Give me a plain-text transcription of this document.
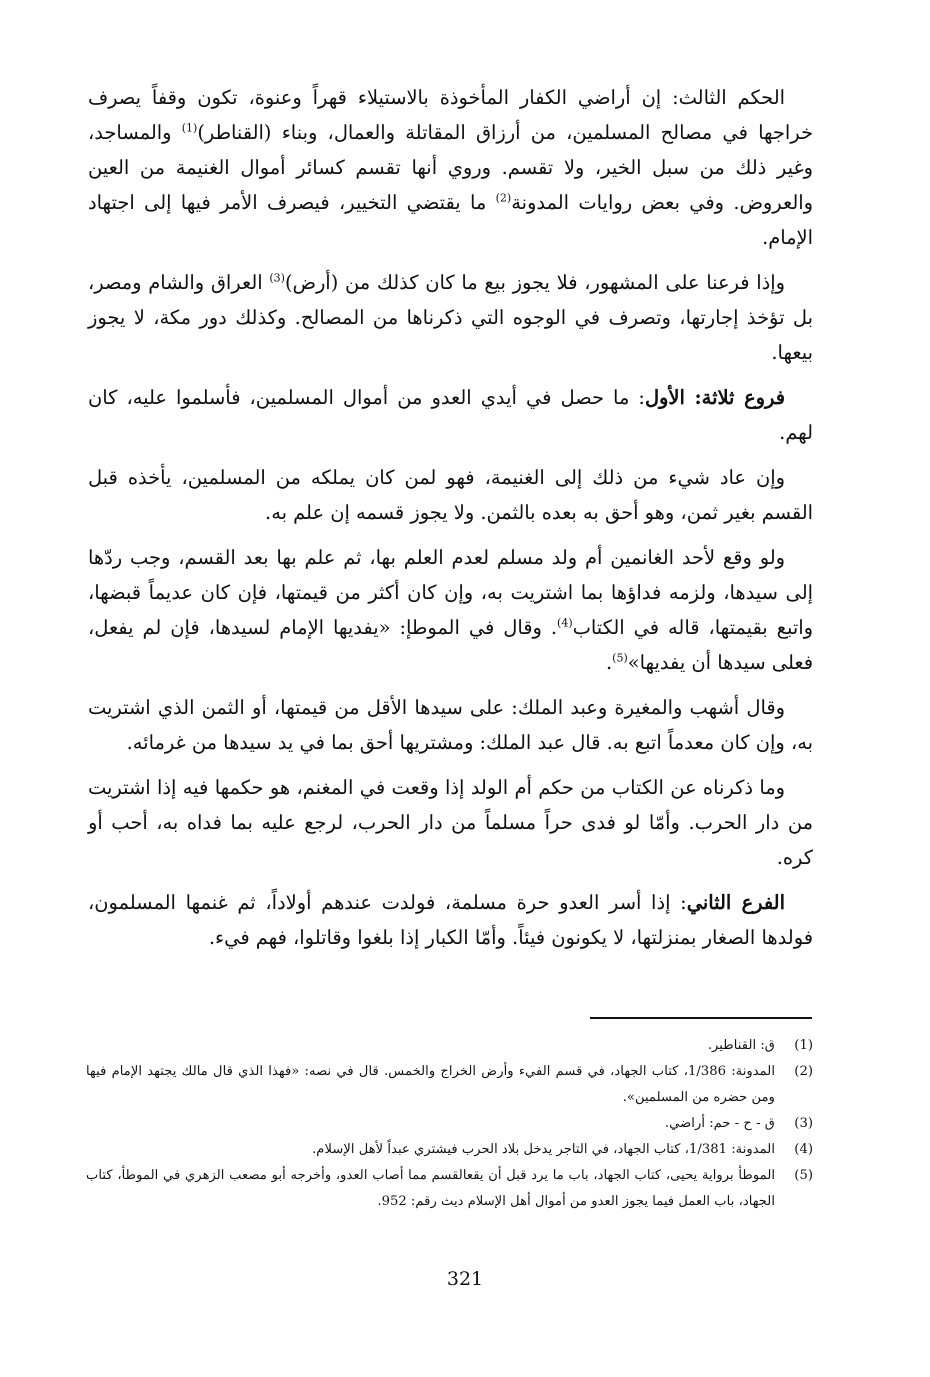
الحكم الثالث: إن أراضي الكفار المأخوذة بالاستيلاء قهراً وعنوة، تكون وقفاً يصرف خراجها في مصالح المسلمين، من أرزاق المقاتلة والعمال، وبناء (القناطر)$^{(1)}$ والمساجد، وغير ذلك من سبل الخير، ولا تقسم. وروي أنها تقسم كسائر أموال الغنيمة من العين والعروض. وفي بعض روايات المدونة$^{(2)}$ ما يقتضي التخيير، فيصرف الأمر فيها إلى اجتهاد الإمام.

وإذا فرعنا على المشهور، فلا يجوز بيع ما كان كذلك من (أرض)$^{(3)}$ العراق والشام ومصر، بل تؤخذ إجارتها، وتصرف في الوجوه التي ذكرناها من المصالح. وكذلك دور مكة، لا يجوز بيعها.

فروع ثلاثة: الأول: ما حصل في أيدي العدو من أموال المسلمين، فأسلموا عليه، كان لهم.

وإن عاد شيء من ذلك إلى الغنيمة، فهو لمن كان يملكه من المسلمين، يأخذه قبل القسم بغير ثمن، وهو أحق به بعده بالثمن. ولا يجوز قسمه إن علم به.

ولو وقع لأحد الغانمين أم ولد مسلم لعدم العلم بها، ثم علم بها بعد القسم، وجب ردّها إلى سيدها، ولزمه فداؤها بما اشتريت به، وإن كان أكثر من قيمتها، فإن كان عديماً قبضها، واتبع بقيمتها، قاله في الكتاب$^{(4)}$. وقال في الموطإ: «يفديها الإمام لسيدها، فإن لم يفعل، فعلى سيدها أن يفديها»$^{(5)}$.

وقال أشهب والمغيرة وعبد الملك: على سيدها الأقل من قيمتها، أو الثمن الذي اشتريت به، وإن كان معدماً اتبع به. قال عبد الملك: ومشتريها أحق بما في يد سيدها من غرمائه.

وما ذكرناه عن الكتاب من حكم أم الولد إذا وقعت في المغنم، هو حكمها فيه إذا اشتريت من دار الحرب. وأمّا لو فدى حراً مسلماً من دار الحرب، لرجع عليه بما فداه به، أحب أو كره.

الفرع الثاني: إذا أسر العدو حرة مسلمة، فولدت عندهم أولاداً، ثم غنمها المسلمون، فولدها الصغار بمنزلتها، لا يكونون فيئاً. وأمّا الكبار إذا بلغوا وقاتلوا، فهم فيء.

(1)
ق: القناطير.
(2)
المدونة: 1/386، كتاب الجهاد، في قسم الفيء وأرض الخراج والخمس. قال في نصه: «فهذا الذي قال مالك يجتهد الإمام فيها ومن حضره من المسلمين».
(3)
ق - ح - حم: أراضي.
(4)
المدونة: 1/381، كتاب الجهاد، في التاجر يدخل بلاد الحرب فيشتري عبداً لأهل الإسلام.
(5)
الموطأ برواية يحيى، كتاب الجهاد، باب ما يرد قبل أن يقعالقسم مما أصاب العدو، وأخرجه أبو مصعب الزهري في الموطأ، كتاب الجهاد، باب العمل فيما يجوز العدو من أموال أهل الإسلام ديث رقم: 952.
321
